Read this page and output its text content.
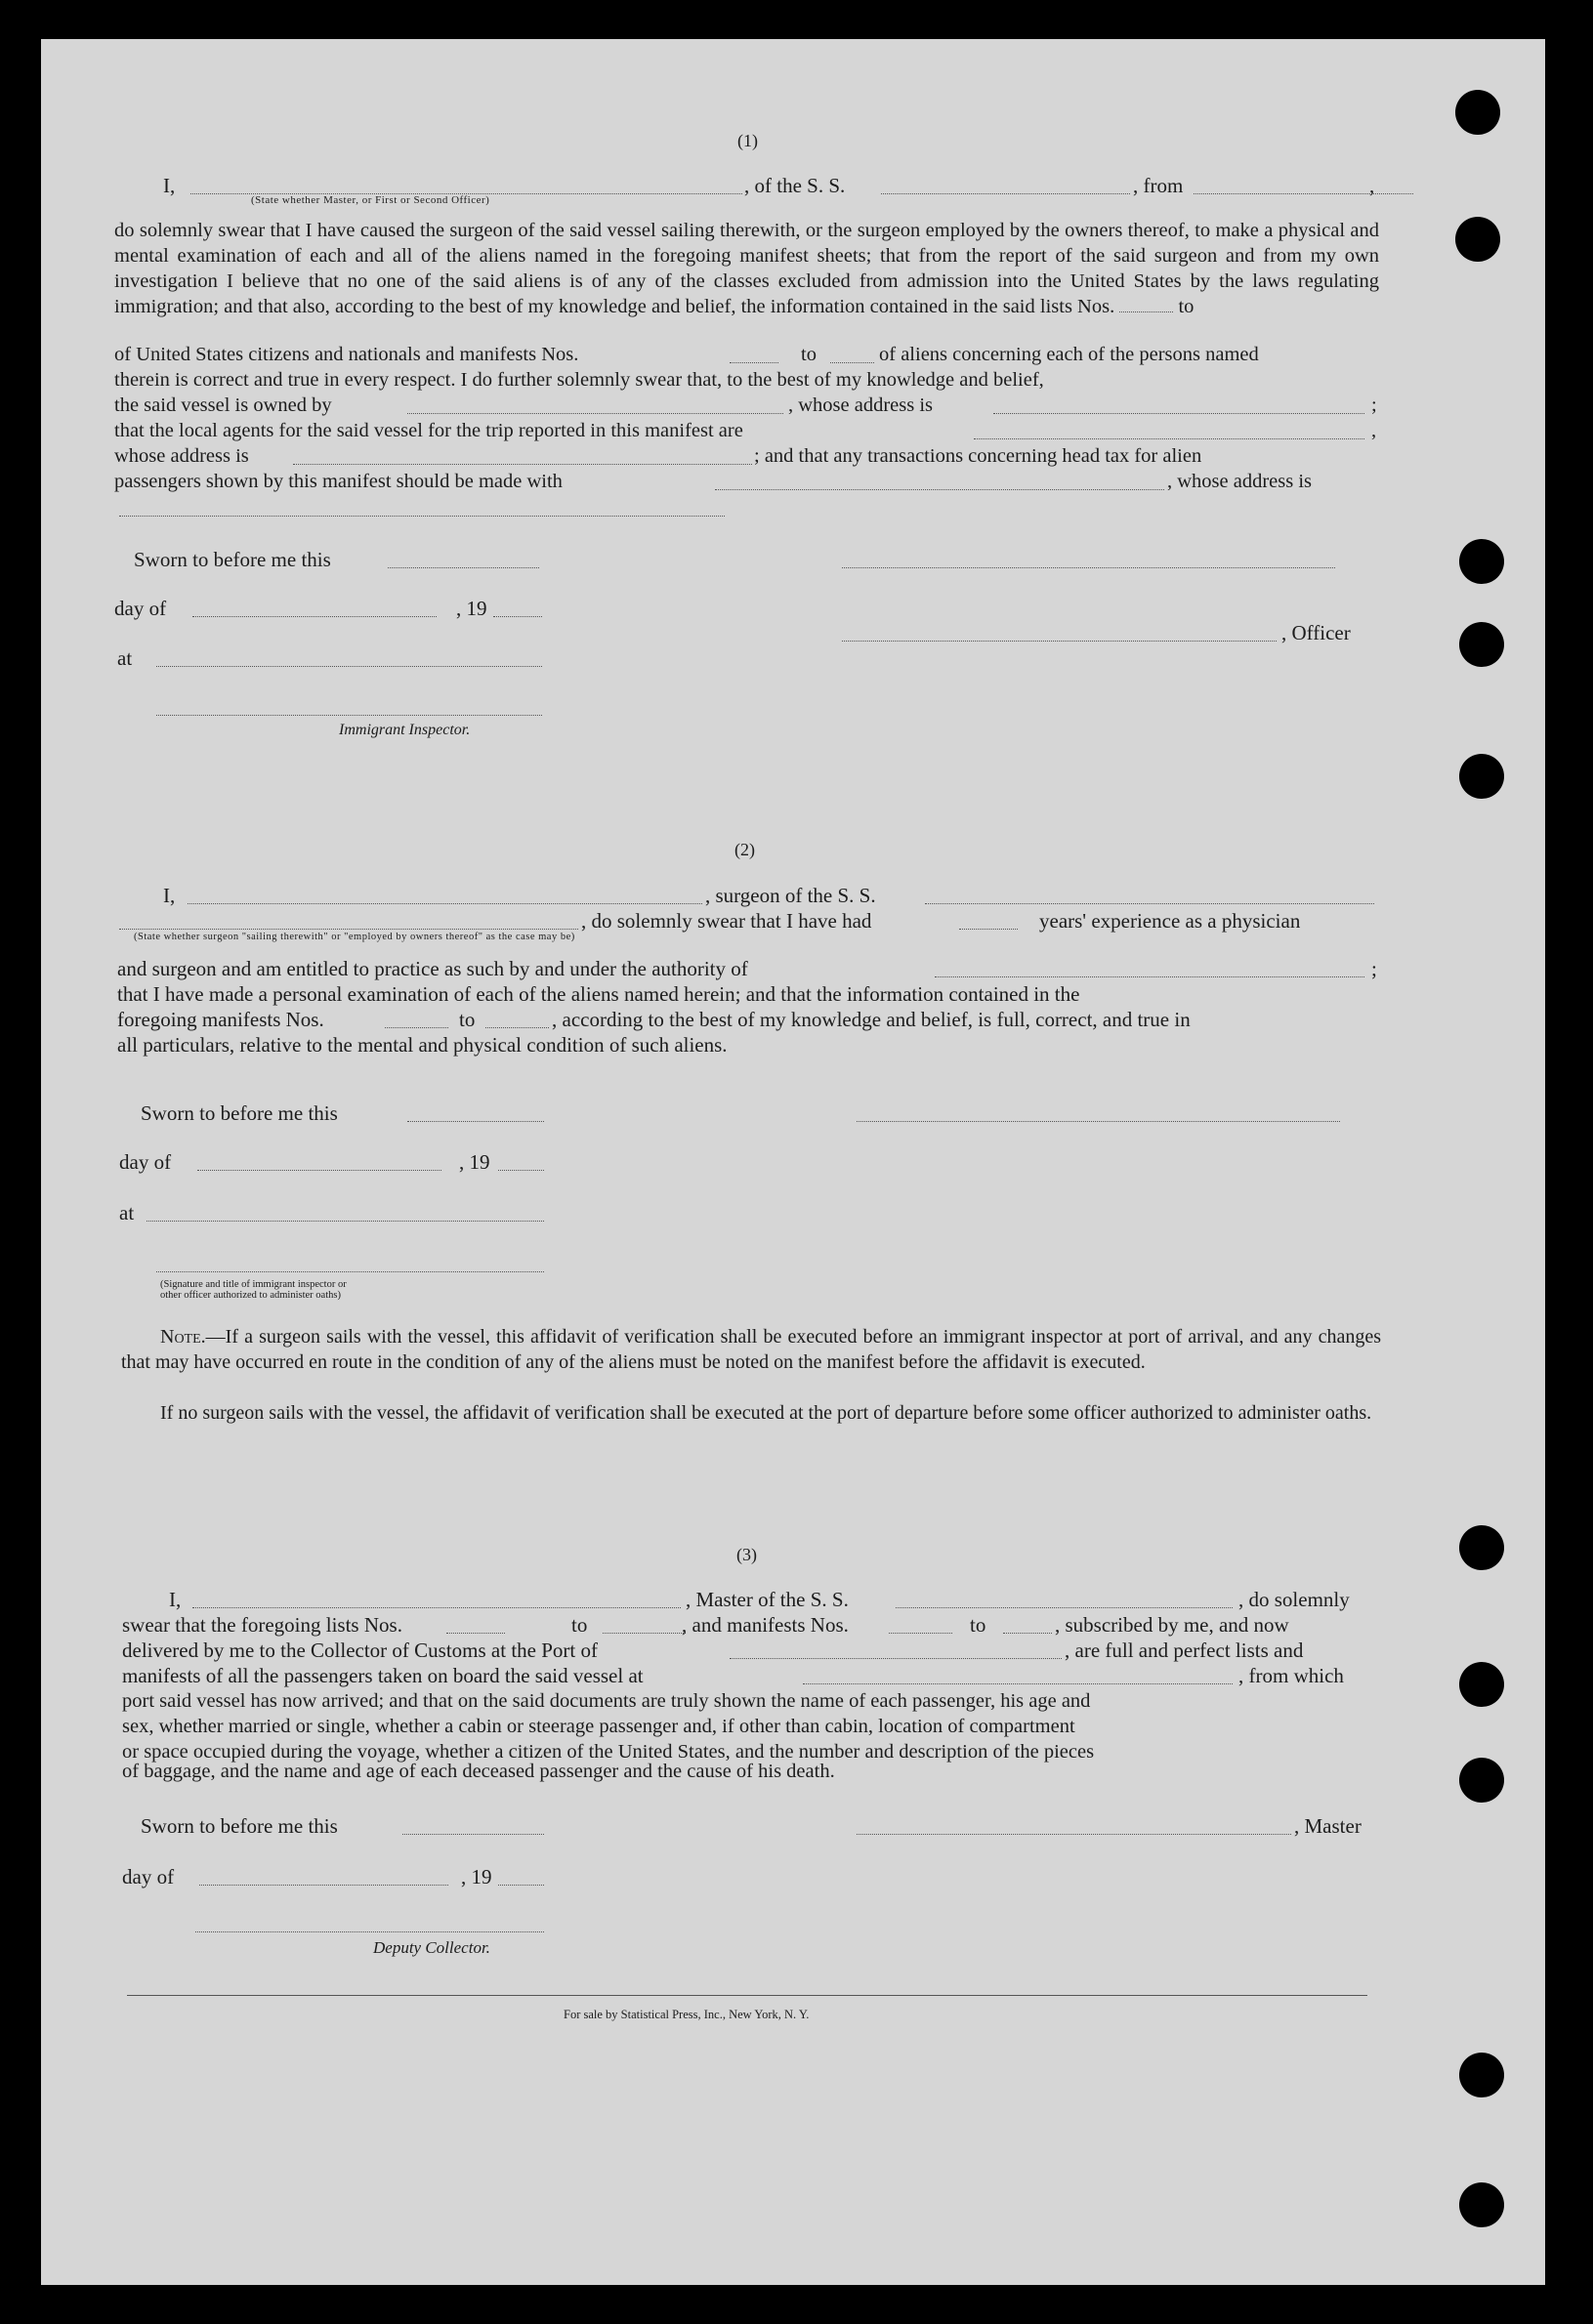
(1)
I,	, of the S. S.	, from	,
(State whether Master, or First or Second Officer)
do solemnly swear that I have caused the surgeon of the said vessel sailing therewith, or the surgeon employed by the owners thereof, to make a physical and mental examination of each and all of the aliens named in the foregoing manifest sheets; that from the report of the said surgeon and from my own investigation I believe that no one of the said aliens is of any of the classes excluded from admission into the United States by the laws regulating immigration; and that also, according to the best of my knowledge and belief, the information contained in the said lists Nos.	to
of United States citizens and nationals and manifests Nos.	to	of aliens concerning each of the persons named
therein is correct and true in every respect. I do further solemnly swear that, to the best of my knowledge and belief,
the said vessel is owned by	, whose address is	;
that the local agents for the said vessel for the trip reported in this manifest are	,
whose address is	; and that any transactions concerning head tax for alien
passengers shown by this manifest should be made with	, whose address is
Sworn to before me this
day of	, 19
, Officer
at
Immigrant Inspector.
(2)
I,	, surgeon of the S. S.
, do solemnly swear that I have had	years' experience as a physician
(State whether surgeon "sailing therewith" or "employed by owners thereof" as the case may be)
and surgeon and am entitled to practice as such by and under the authority of	;
that I have made a personal examination of each of the aliens named herein; and that the information contained in the
foregoing manifests Nos.	to	, according to the best of my knowledge and belief, is full, correct, and true in
all particulars, relative to the mental and physical condition of such aliens.
Sworn to before me this
day of	, 19
at
(Signature and title of immigrant inspector or
other officer authorized to administer oaths)
Note.—If a surgeon sails with the vessel, this affidavit of verification shall be executed before an immigrant inspector at port of arrival, and any changes that may have occurred en route in the condition of any of the aliens must be noted on the manifest before the affidavit is executed.
If no surgeon sails with the vessel, the affidavit of verification shall be executed at the port of departure before some officer authorized to administer oaths.
(3)
I,	, Master of the S. S.	, do solemnly
swear that the foregoing lists Nos.	to	, and manifests Nos.	to	, subscribed by me, and now
delivered by me to the Collector of Customs at the Port of	, are full and perfect lists and
manifests of all the passengers taken on board the said vessel at	, from which
port said vessel has now arrived; and that on the said documents are truly shown the name of each passenger, his age and
sex, whether married or single, whether a cabin or steerage passenger and, if other than cabin, location of compartment
or space occupied during the voyage, whether a citizen of the United States, and the number and description of the pieces
of baggage, and the name and age of each deceased passenger and the cause of his death.
Sworn to before me this	, Master
day of	, 19
Deputy Collector.
For sale by Statistical Press, Inc., New York, N. Y.
